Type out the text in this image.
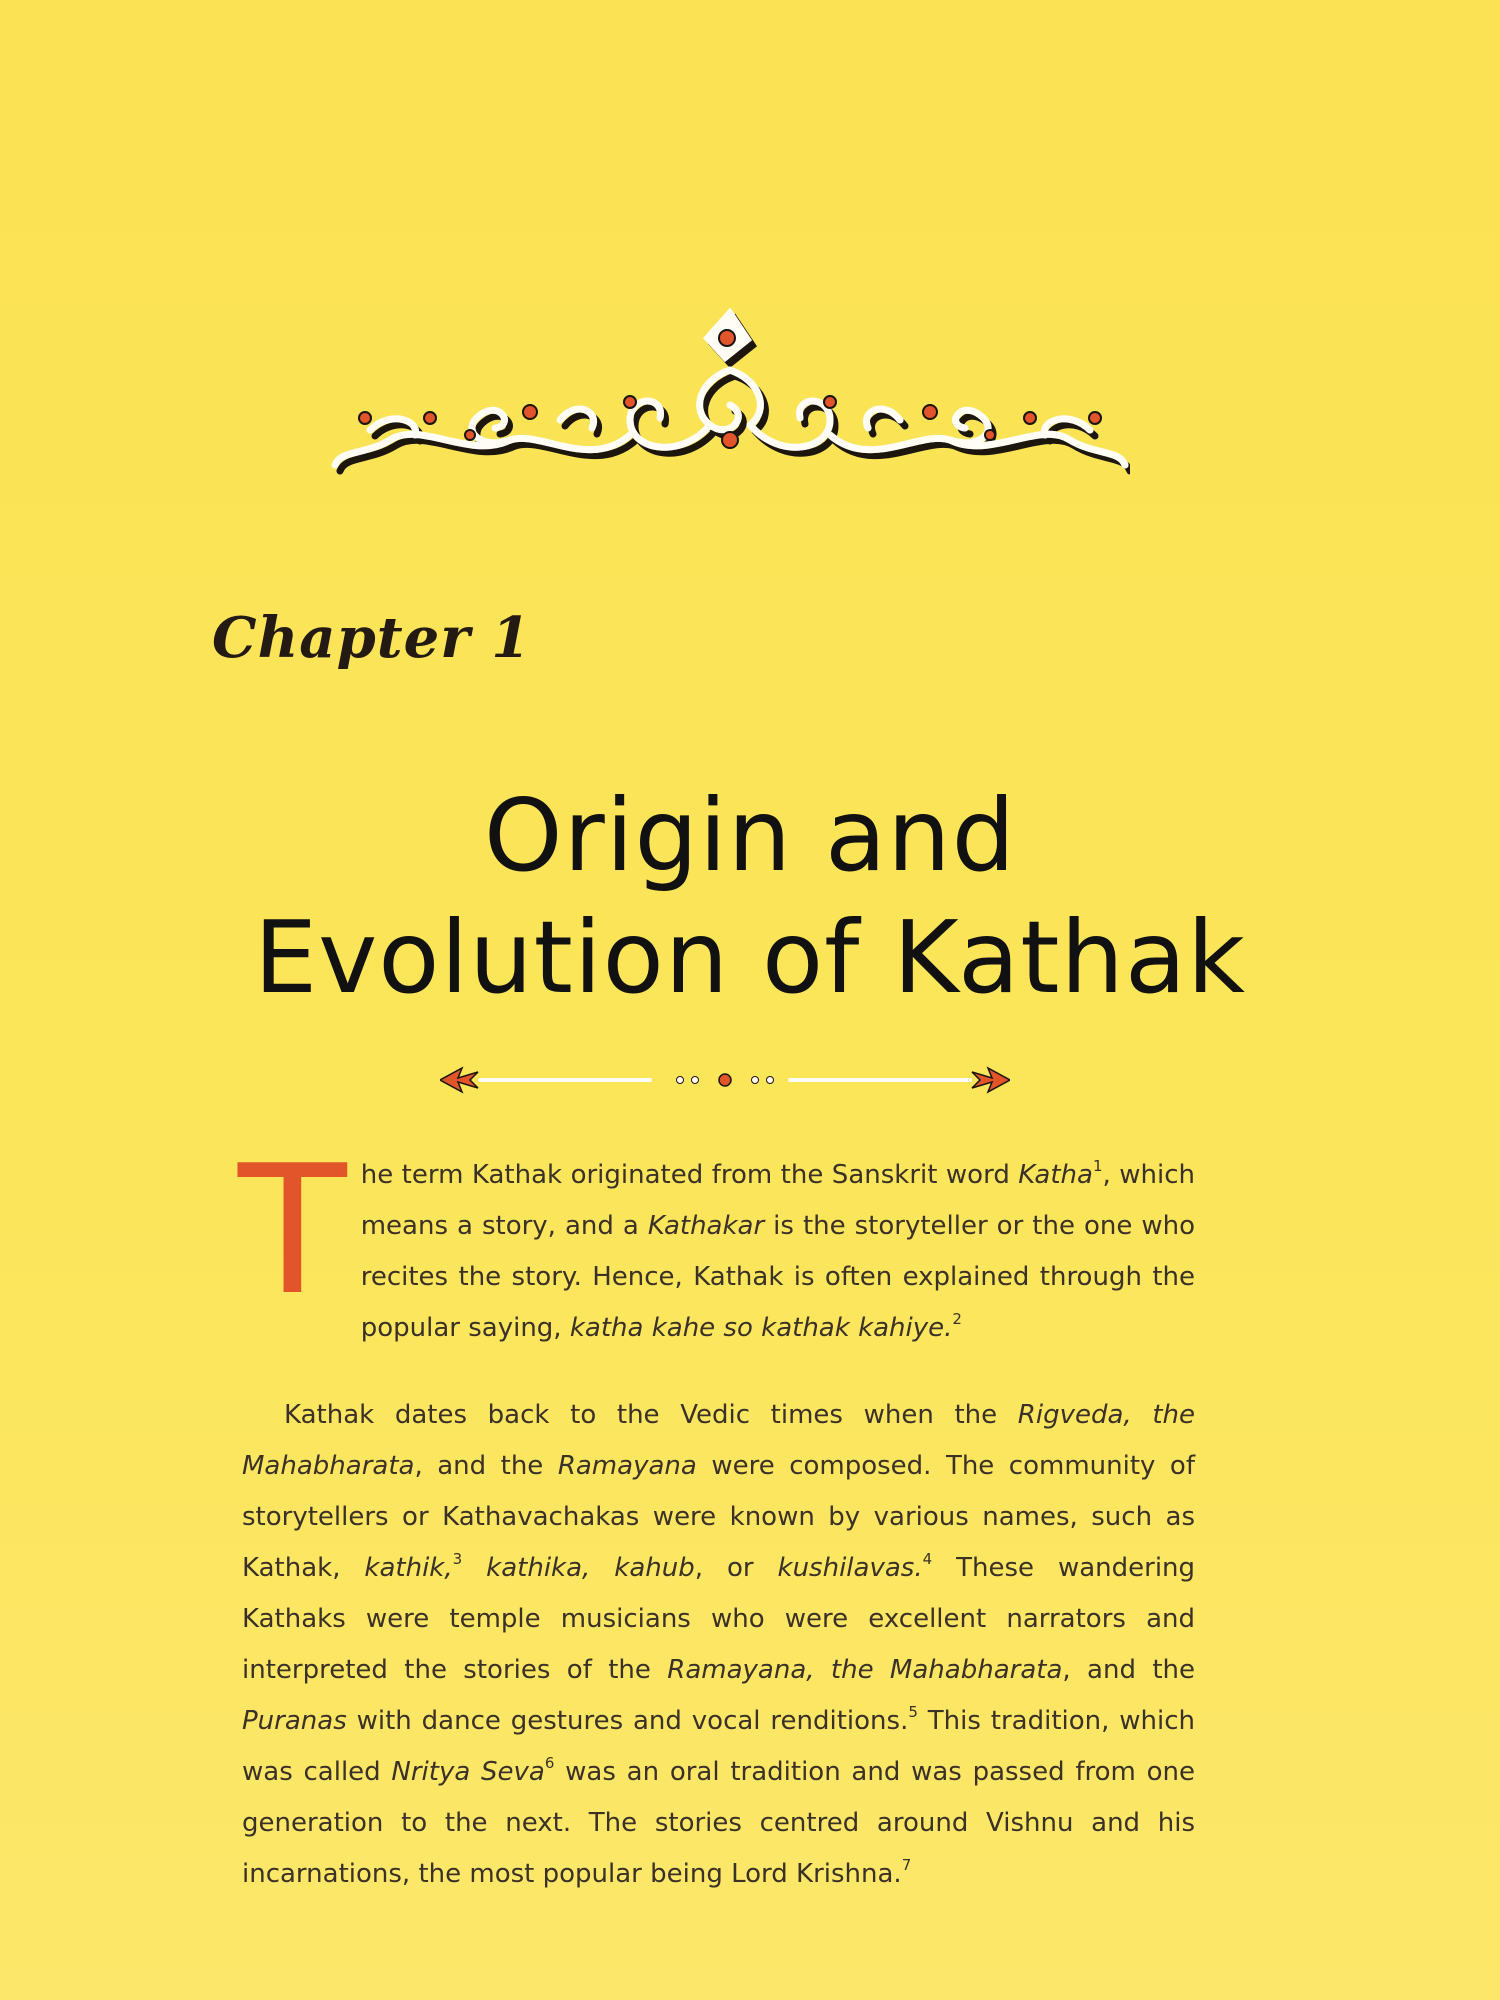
Chapter 1
Origin and
Evolution of Kathak
The term Kathak originated from the Sanskrit word Katha$^1$, which means a story, and a Kathakar is the storyteller or the one who recites the story. Hence, Kathak is often explained through the popular saying, katha kahe so kathak kahiye.$^2$
Kathak dates back to the Vedic times when the Rigveda, the Mahabharata, and the Ramayana were composed. The community of storytellers or Kathavachakas were known by various names, such as Kathak, kathik,$^3$ kathika, kahub, or kushilavas.$^4$ These wandering Kathaks were temple musicians who were excellent narrators and interpreted the stories of the Ramayana, the Mahabharata, and the Puranas with dance gestures and vocal renditions.$^5$ This tradition, which was called Nritya Seva$^6$ was an oral tradition and was passed from one generation to the next. The stories centred around Vishnu and his incarnations, the most popular being Lord Krishna.$^7$
